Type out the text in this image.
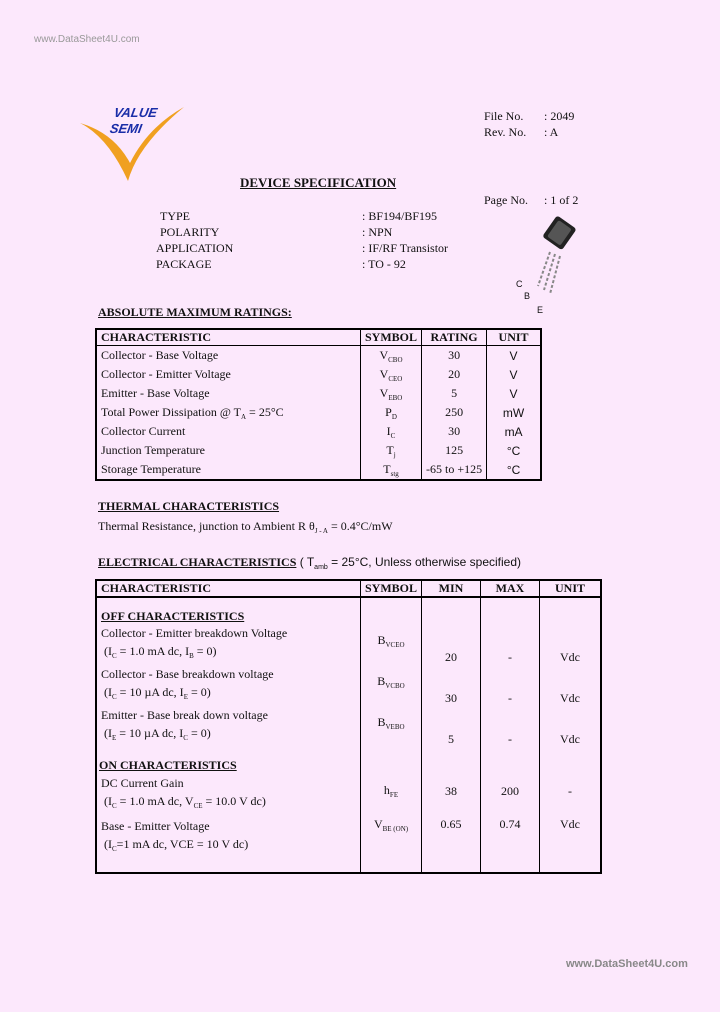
www.DataSheet4U.com
VALUE
SEMI
File No. : 2049
Rev. No. : A
DEVICE SPECIFICATION
Page No. : 1 of 2
TYPE	: BF194/BF195
POLARITY	: NPN
APPLICATION	: IF/RF Transistor
PACKAGE	: TO - 92
C
B
E
ABSOLUTE MAXIMUM RATINGS:
CHARACTERISTIC	SYMBOL	RATING	UNIT
Collector - Base Voltage	$V_{CBO}$	30	V
Collector - Emitter Voltage	$V_{CEO}$	20	V
Emitter - Base Voltage	$V_{EBO}$	5	V
Total Power Dissipation @ $T_A = 25^\circ C$	$P_D$	250	mW
Collector Current	$I_C$	30	mA
Junction Temperature	$T_j$	125	°C
Storage Temperature	$T_{stg}$	-65 to +125	°C
THERMAL CHARACTERISTICS
Thermal Resistance, junction to Ambient R $\theta_{J - A} = 0.4^\circ C/mW$
ELECTRICAL CHARACTERISTICS ( $T_{amb} = 25^\circ C$, Unless otherwise specified)
CHARACTERISTIC	SYMBOL	MIN	MAX	UNIT
OFF CHARACTERISTICS				
Collector - Emitter breakdown Voltage
($I_C = 1.0$ mA dc, $I_B = 0$)	$B_{VCEO}$	20	-	Vdc
Collector - Base breakdown voltage
($I_C = 10$ µA dc, $I_E = 0$)	$B_{VCBO}$	30	-	Vdc
Emitter - Base break down voltage
($I_E = 10$ µA dc, $I_C = 0$)	$B_{VEBO}$	5	-	Vdc
ON CHARACTERISTICS				
DC Current Gain
($I_C = 1.0$ mA dc, $V_{CE} = 10.0$ V dc)	$h_{FE}$	38	200	-
Base - Emitter Voltage
($I_C=1$ mA dc, VCE = 10 V dc)	$V_{BE (ON)}$	0.65	0.74	Vdc
www.DataSheet4U.com
